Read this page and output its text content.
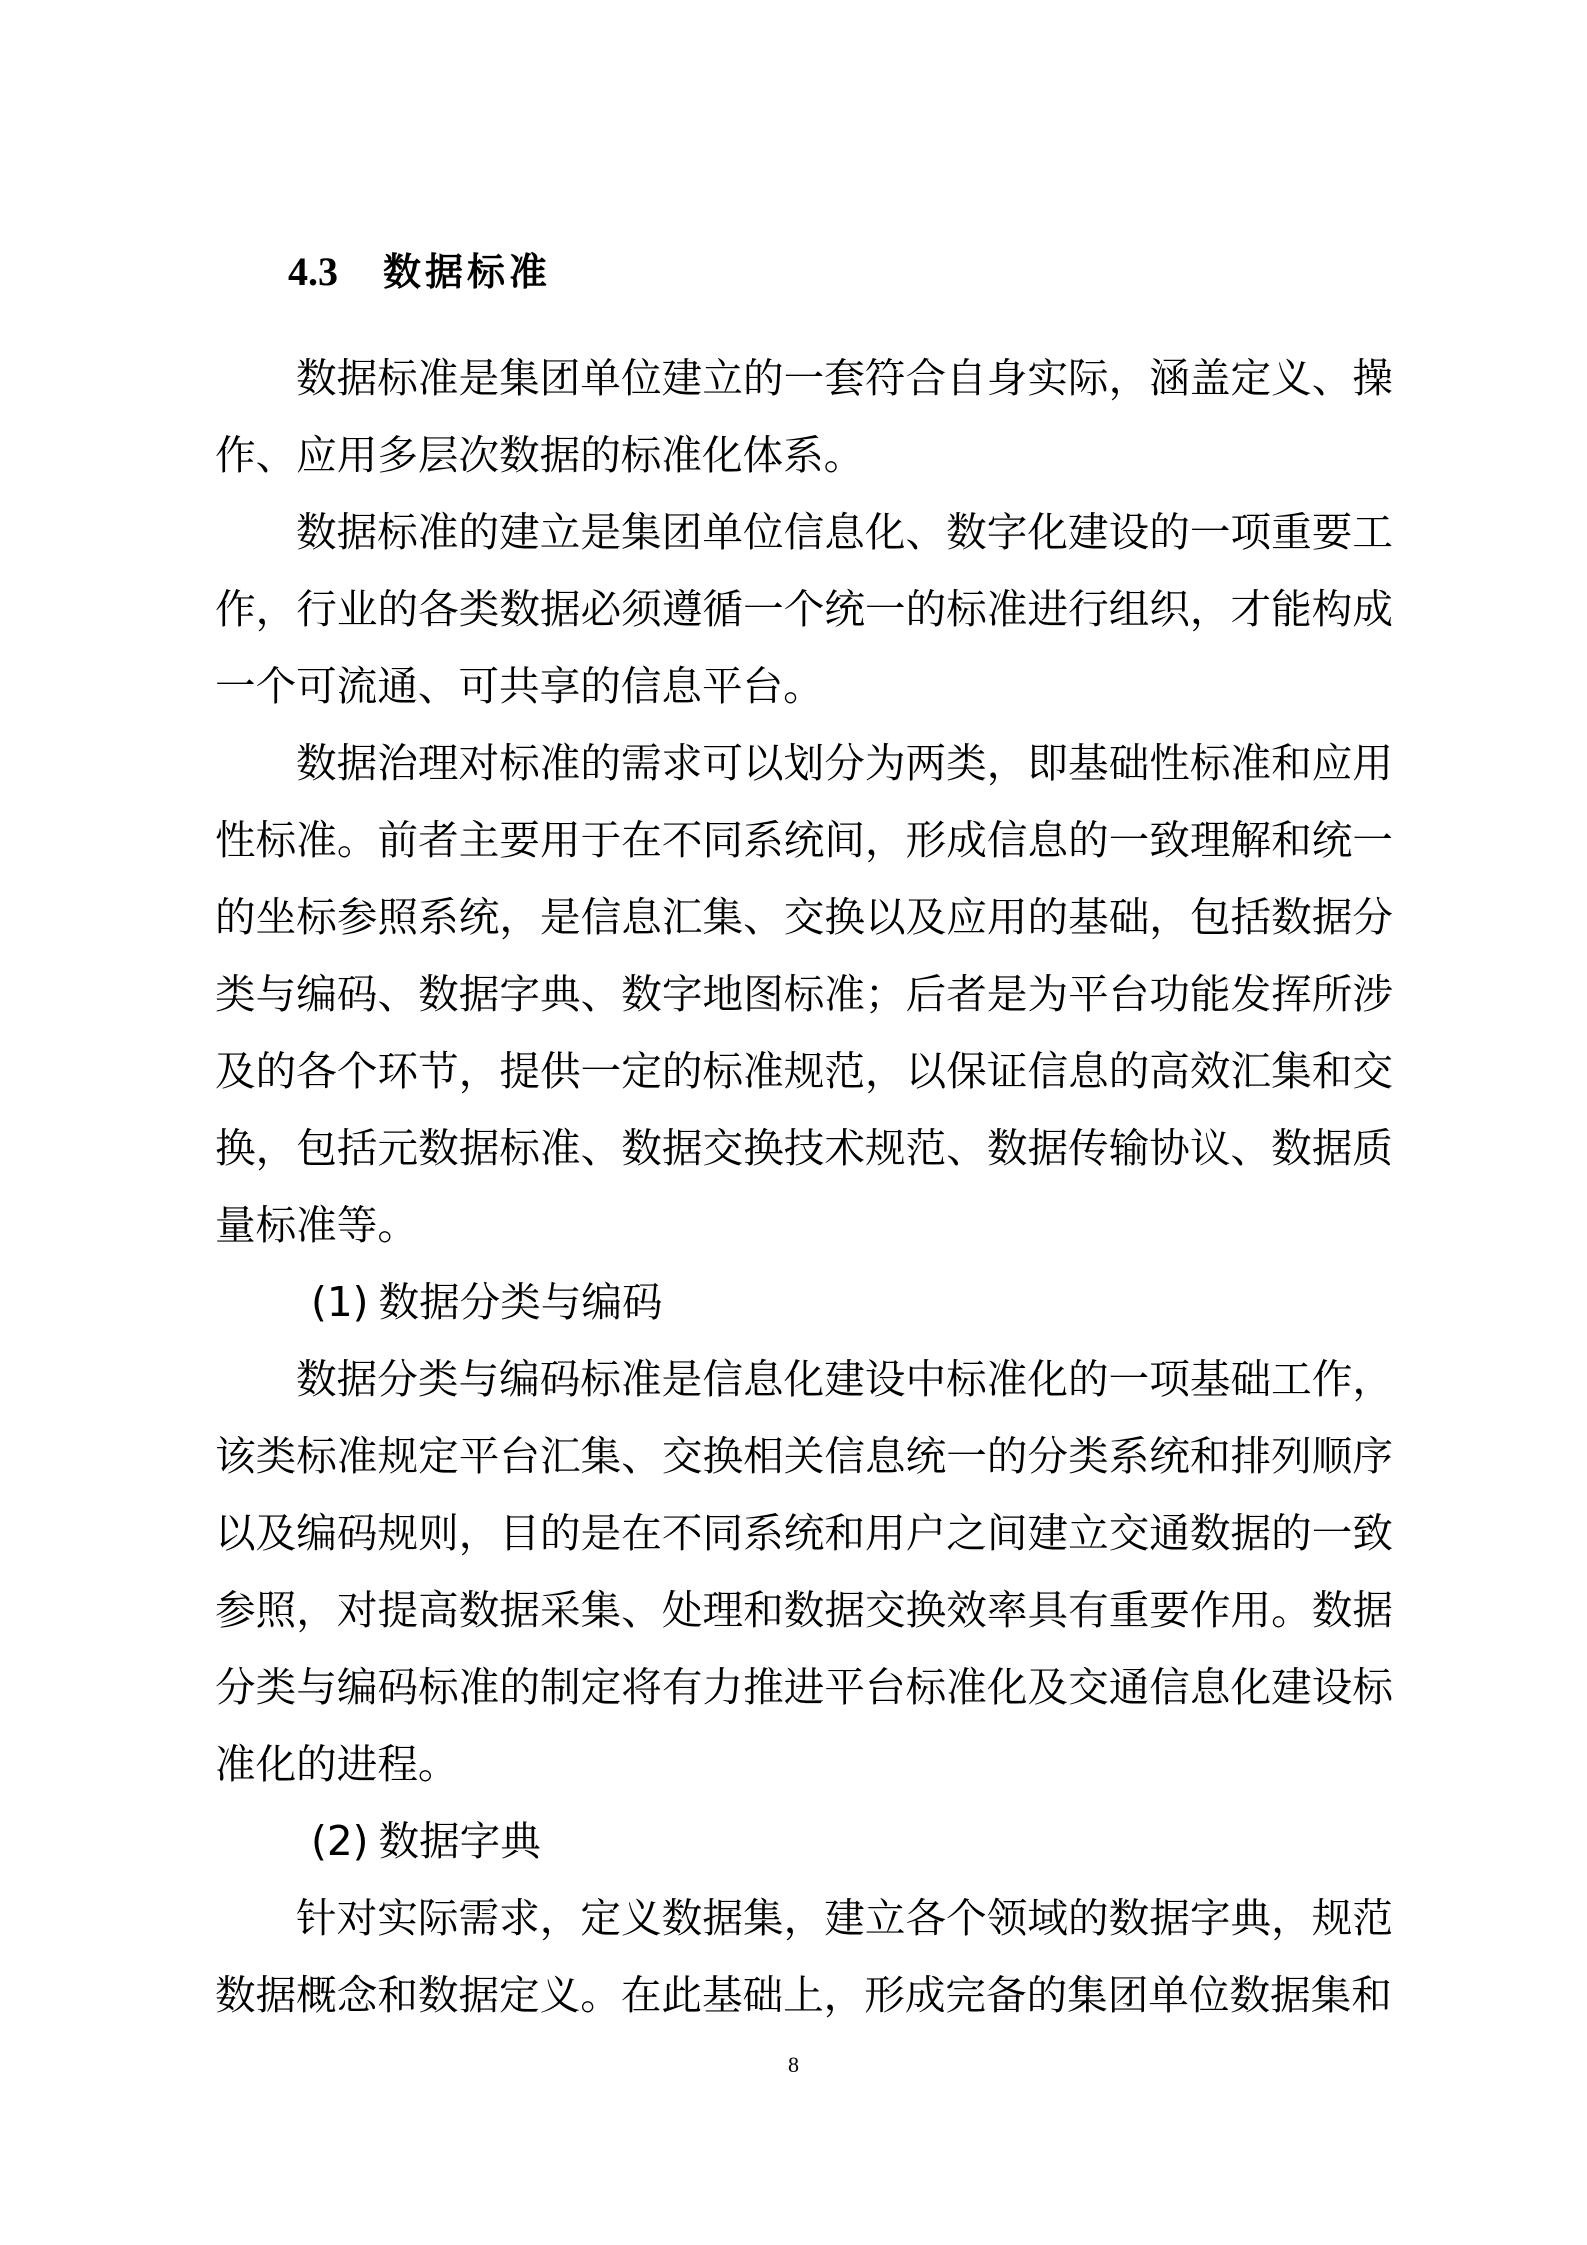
4.3 数据标准

数据标准是集团单位建立的一套符合自身实际，涵盖定义、操作、应用多层次数据的标准化体系。

数据标准的建立是集团单位信息化、数字化建设的一项重要工作，行业的各类数据必须遵循一个统一的标准进行组织，才能构成一个可流通、可共享的信息平台。

数据治理对标准的需求可以划分为两类，即基础性标准和应用性标准。前者主要用于在不同系统间，形成信息的一致理解和统一的坐标参照系统，是信息汇集、交换以及应用的基础，包括数据分类与编码、数据字典、数字地图标准；后者是为平台功能发挥所涉及的各个环节，提供一定的标准规范，以保证信息的高效汇集和交换，包括元数据标准、数据交换技术规范、数据传输协议、数据质量标准等。

(1) 数据分类与编码

数据分类与编码标准是信息化建设中标准化的一项基础工作，该类标准规定平台汇集、交换相关信息统一的分类系统和排列顺序以及编码规则，目的是在不同系统和用户之间建立交通数据的一致参照，对提高数据采集、处理和数据交换效率具有重要作用。数据分类与编码标准的制定将有力推进平台标准化及交通信息化建设标准化的进程。

(2) 数据字典

针对实际需求，定义数据集，建立各个领域的数据字典，规范数据概念和数据定义。在此基础上，形成完备的集团单位数据集和

8
